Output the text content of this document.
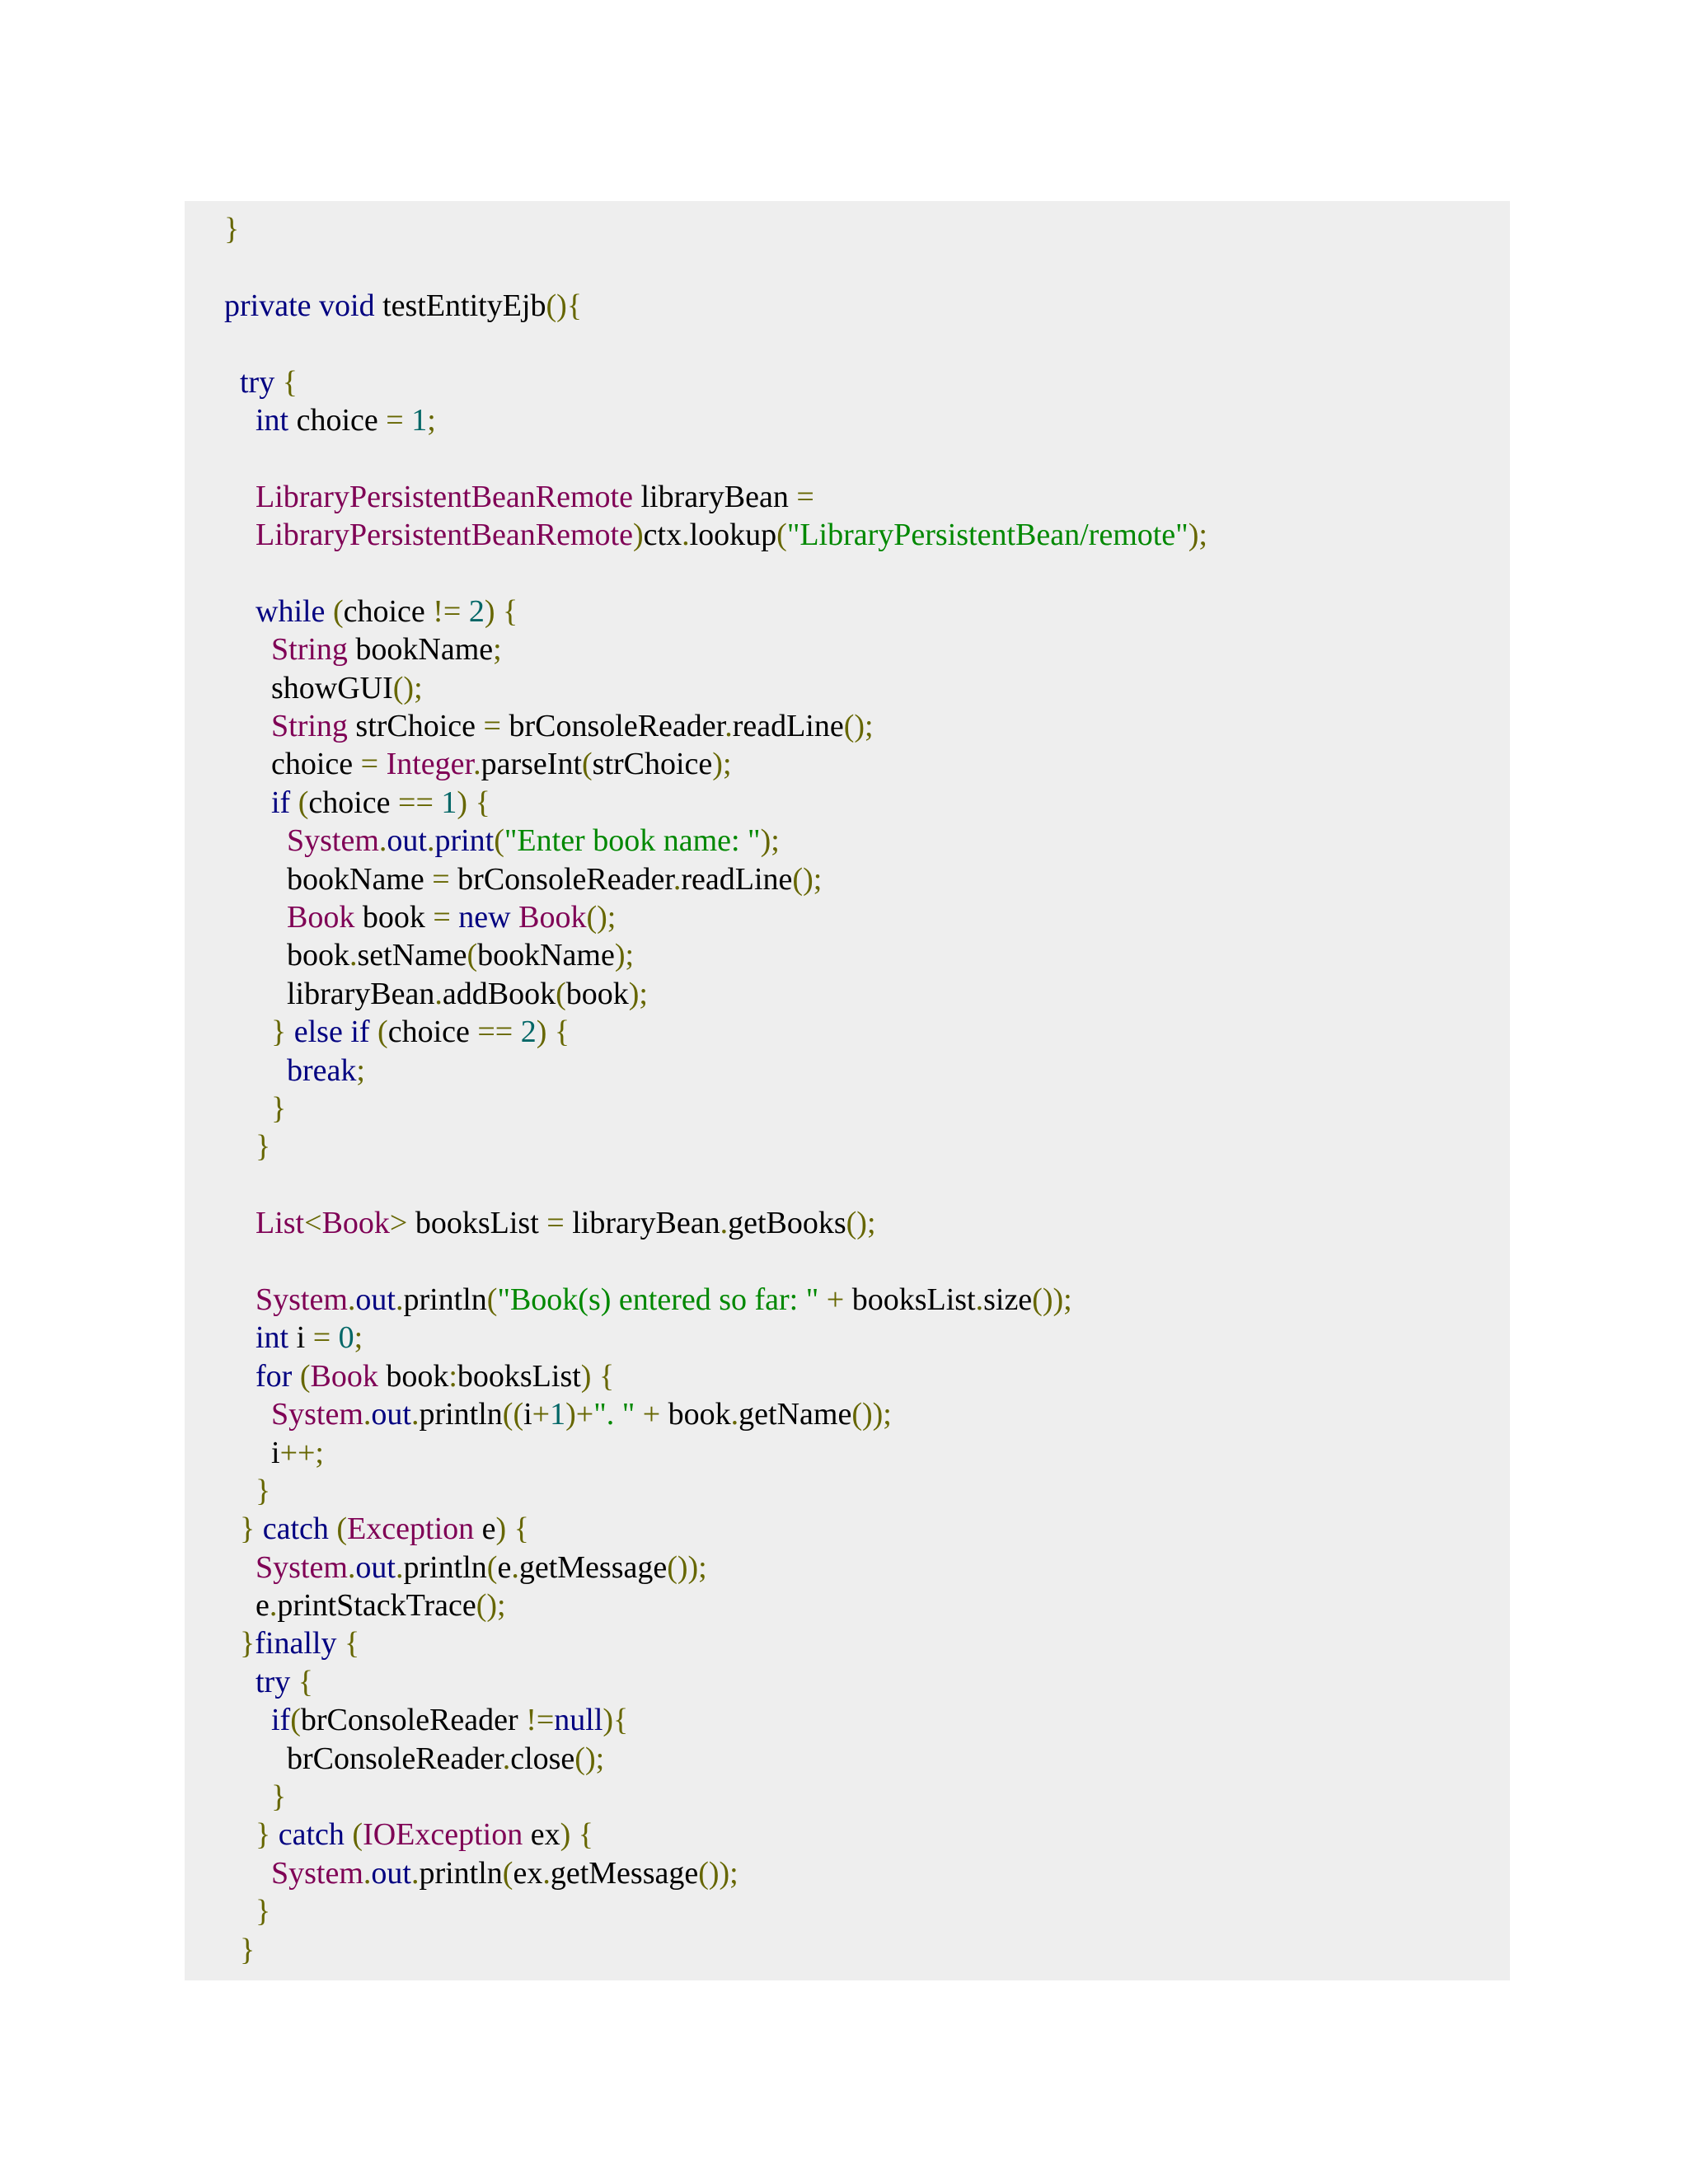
}
private void testEntityEjb(){
try {
int choice = 1;
LibraryPersistentBeanRemote libraryBean =
LibraryPersistentBeanRemote)ctx.lookup("LibraryPersistentBean/remote");
while (choice != 2) {
String bookName;
showGUI();
String strChoice = brConsoleReader.readLine();
choice = Integer.parseInt(strChoice);
if (choice == 1) {
System.out.print("Enter book name: ");
bookName = brConsoleReader.readLine();
Book book = new Book();
book.setName(bookName);
libraryBean.addBook(book);
} else if (choice == 2) {
break;
}
}
List<Book> booksList = libraryBean.getBooks();
System.out.println("Book(s) entered so far: " + booksList.size());
int i = 0;
for (Book book:booksList) {
System.out.println((i+1)+". " + book.getName());
i++;
}
} catch (Exception e) {
System.out.println(e.getMessage());
e.printStackTrace();
}finally {
try {
if(brConsoleReader !=null){
brConsoleReader.close();
}
} catch (IOException ex) {
System.out.println(ex.getMessage());
}
}
